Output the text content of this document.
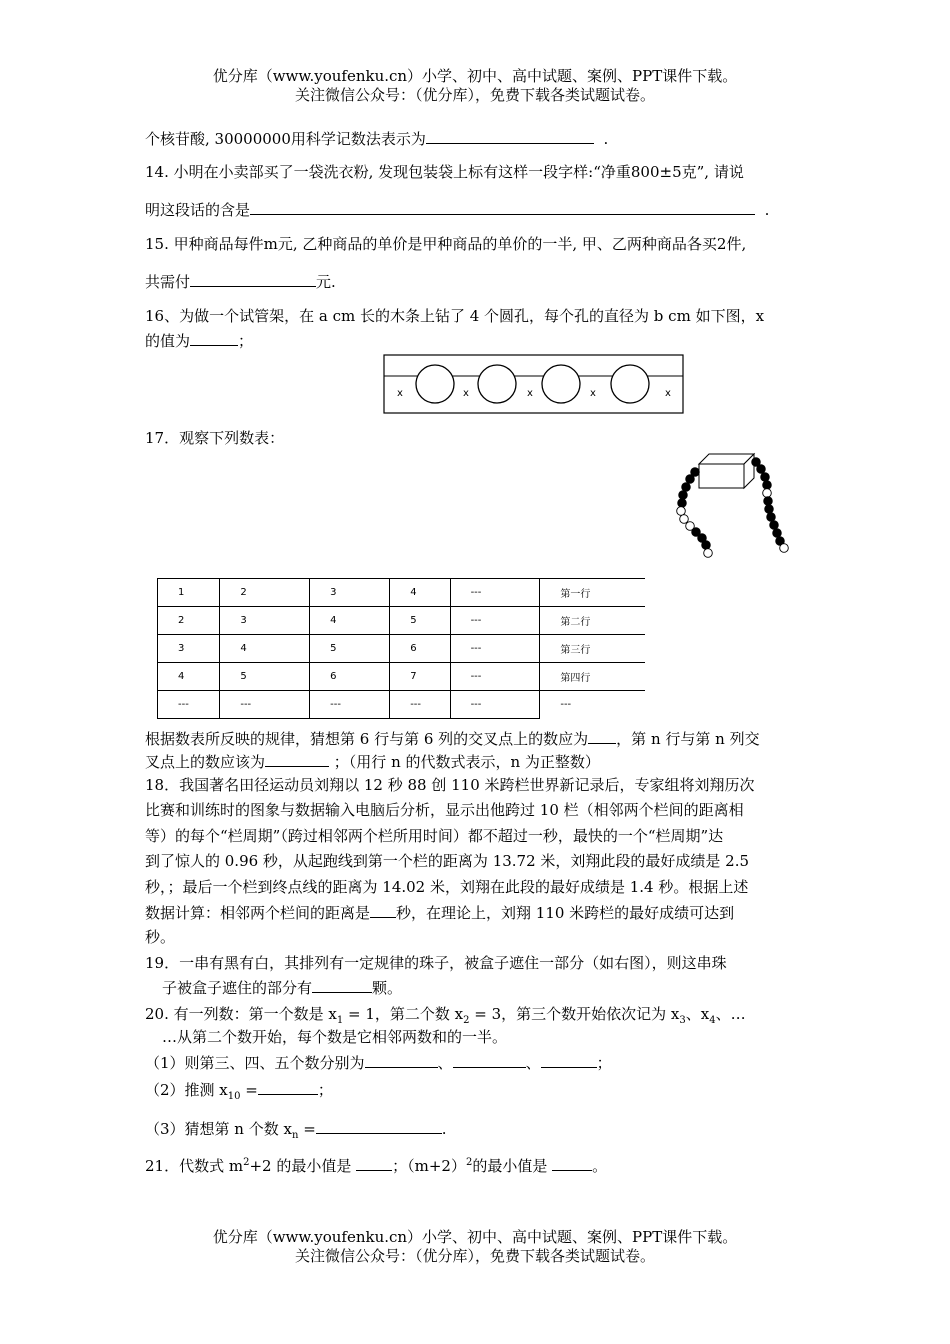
优分库（www.youfenku.cn）小学、初中、高中试题、案例、PPT课件下载。
关注微信公众号：（优分库），免费下载各类试题试卷。
个核苷酸, 30000000用科学记数法表示为	.
14. 小明在小卖部买了一袋洗衣粉, 发现包装袋上标有这样一段字样:“净重800±5克”, 请说
明这段话的含是	.
15. 甲种商品每件m元, 乙种商品的单价是甲种商品的单价的一半, 甲、乙两种商品各买2件,
共需付	元.
16、为做一个试管架，在 a cm 长的木条上钻了 4 个圆孔，每个孔的直径为 b cm 如下图，x
的值为	；
x	x	x	x	x
17．观察下列数表：
1	2	3	4	---	第一行
2	3	4	5	---	第二行
3	4	5	6	---	第三行
4	5	6	7	---	第四行
---	---	---	---	---	---
根据数表所反映的规律，猜想第 6 行与第 6 列的交叉点上的数应为 ，第 n 行与第 n 列交
叉点上的数应该为	；（用行 n 的代数式表示，n 为正整数）
18．我国著名田径运动员刘翔以 12 秒 88 创 110 米跨栏世界新记录后，专家组将刘翔历次
比赛和训练时的图象与数据输入电脑后分析，显示出他跨过 10 栏（相邻两个栏间的距离相
等）的每个“栏周期”（跨过相邻两个栏所用时间）都不超过一秒，最快的一个“栏周期”达
到了惊人的 0.96 秒，从起跑线到第一个栏的距离为 13.72 米，刘翔此段的最好成绩是 2.5
秒，；最后一个栏到终点线的距离为 14.02 米，刘翔在此段的最好成绩是 1.4 秒。根据上述
数据计算：相邻两个栏间的距离是 秒，在理论上，刘翔 110 米跨栏的最好成绩可达到
秒。
19．一串有黑有白，其排列有一定规律的珠子，被盒子遮住一部分（如右图），则这串珠
子被盒子遮住的部分有	颗。
20. 有一列数：第一个数是 $x_1 = 1$，第二个数 $x_2 = 3$，第三个数开始依次记为 $x_3$、$x_4$、…
…从第二个数开始，每个数是它相邻两数和的一半。
（1）则第三、四、五个数分别为	、	、	；
（2）推测 $x_{10}$ =	；
（3）猜想第 n 个数 $x_n$ =	.
21．代数式 $m^2+2$ 的最小值是	；$(m+2)^2$的最小值是	。
优分库（www.youfenku.cn）小学、初中、高中试题、案例、PPT课件下载。
关注微信公众号：（优分库），免费下载各类试题试卷。
